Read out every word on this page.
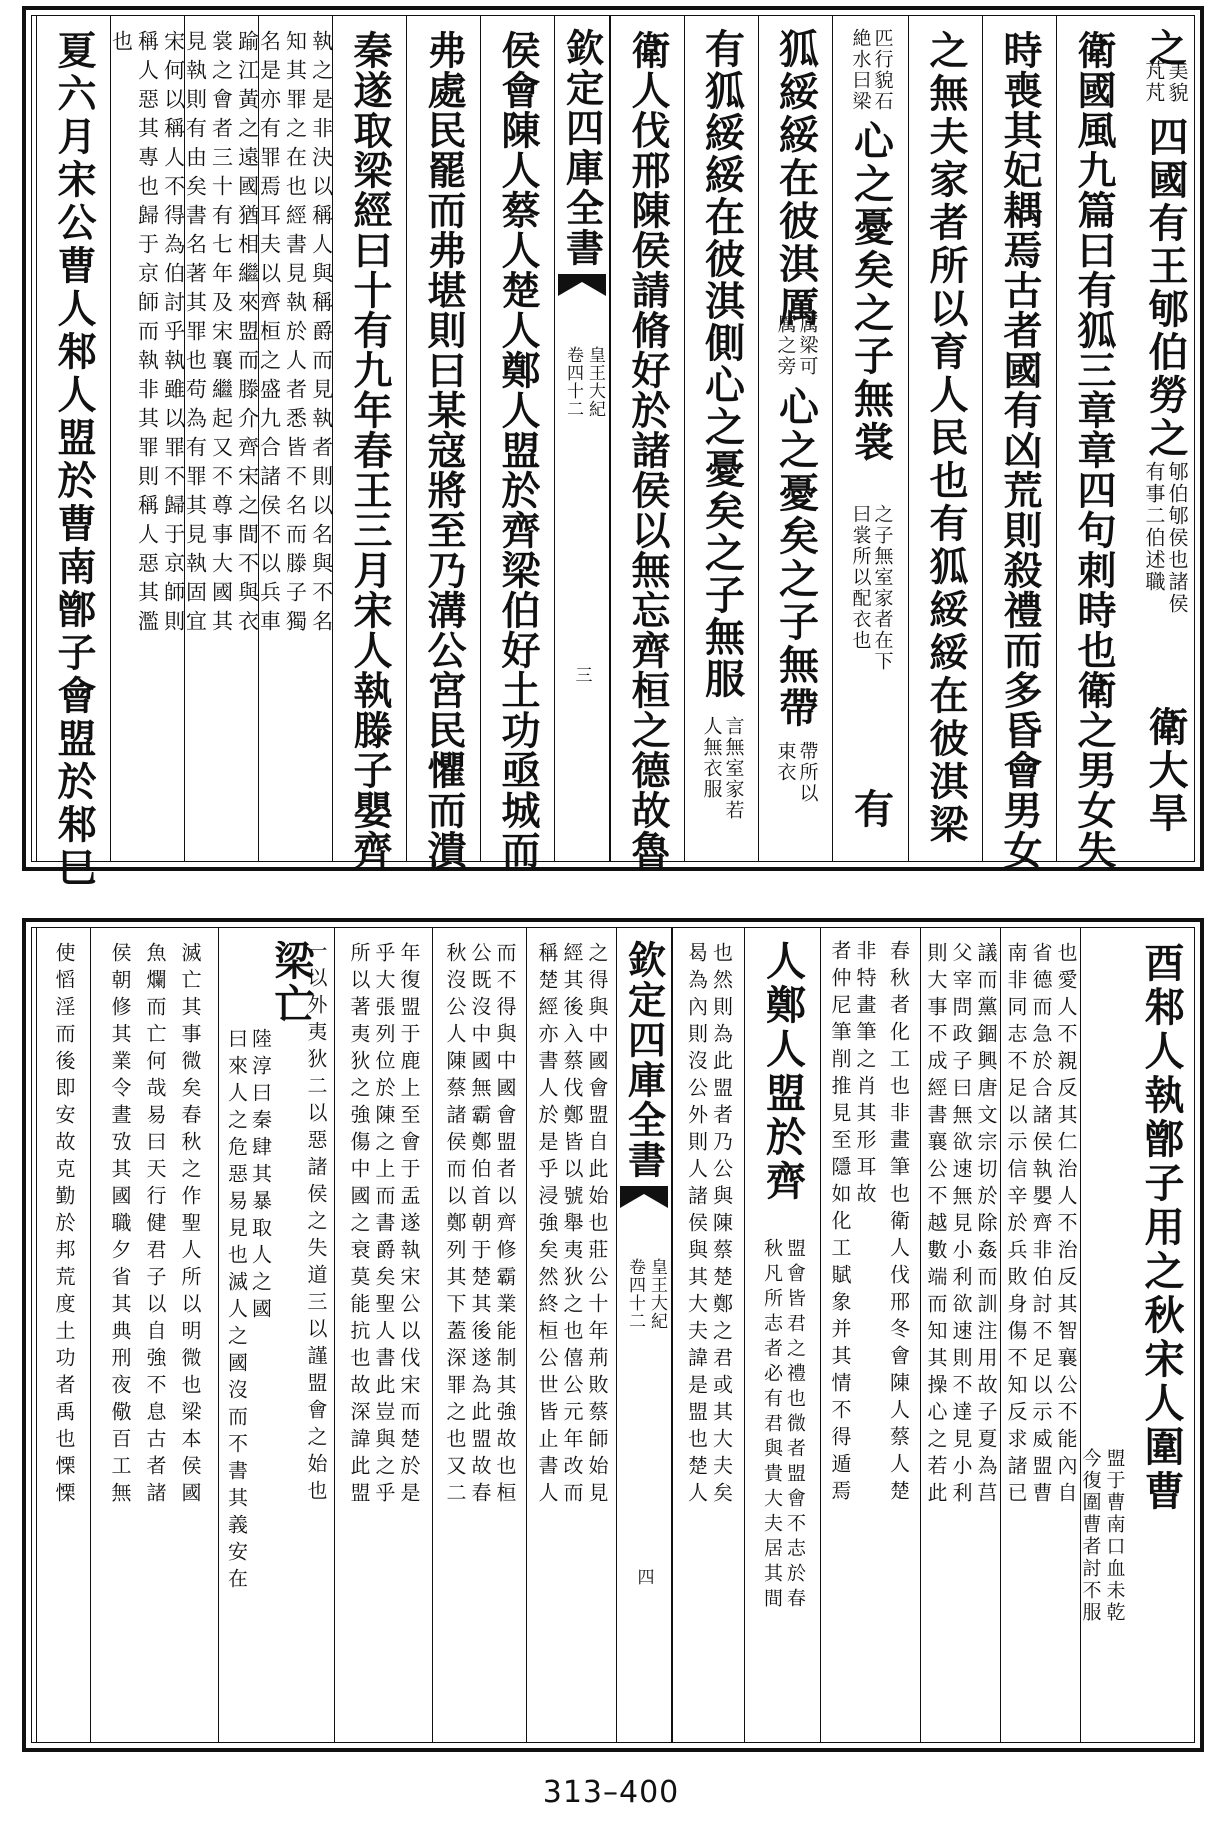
之
美貌
芃芃
四國有王郇伯勞之
郇伯郇侯也諸侯
有事二伯述職
衛大旱
衛國風九篇曰有狐三章章四句刺時也衛之男女失
時喪其妃耦焉古者國有凶荒則殺禮而多昏會男女
之無夫家者所以育人民也有狐綏綏在彼淇梁
匹行貌石
絶水曰梁
心之憂矣之子無裳
之子無室家者在下
曰裳所以配衣也
有
狐綏綏在彼淇厲
厲梁可
厲之旁
心之憂矣之子無帶
帶所以
束衣
有狐綏綏在彼淇側心之憂矣之子無服
言無室家若
人無衣服
衛人伐邢陳侯請脩好於諸侯以無忘齊桓之德故魯
欽定四庫全書
皇王大紀
卷四十二
三
侯會陳人蔡人楚人鄭人盟於齊梁伯好土功亟城而
弗處民罷而弗堪則曰某寇將至乃溝公宮民懼而潰
秦遂取梁經曰十有九年春王三月宋人執滕子嬰齊
執之是非決以稱人與稱爵而見執者則以名與不名
知其罪之在也經書見執於人者悉皆不名而滕子獨
名是亦有罪焉耳夫以齊桓之盛九合諸侯不以兵車
踰江黃之遠國猶相繼來盟而滕介齊宋之間不與衣
裳之會者三十有七年及宋襄繼起又不尊事大國其
見執則有由矣書名著其罪也苟為有罪其見執固宜
宋何以稱人不得為伯討乎執雖以罪不歸于京師則
稱人惡其專也歸于京師而執非其罪則稱人惡其濫
也
夏六月宋公曹人邾人盟於曹南鄫子會盟於邾巳
酉邾人執鄫子用之秋宋人圍曹
盟于曹南口血未乾
今復圍曹者討不服
也愛人不親反其仁治人不治反其智襄公不能內自
省德而急於合諸侯執嬰齊非伯討不足以示威盟曹
南非同志不足以示信辛於兵敗身傷不知反求諸已
議而黨錮興唐文宗切於除姦而訓注用故子夏為莒
父宰問政子曰無欲速無見小利欲速則不達見小利
則大事不成經書襄公不越數端而知其操心之若此
非特畫筆之肖其形耳故
者仲尼筆削推見至隱如化工賦象并其情不得遁焉 春秋者化工也非畫筆也衛人伐邢冬會陳人蔡人楚
人鄭人盟於齊
盟會皆君之禮也微者盟會不志於春
秋凡所志者必有君與貴大夫居其間
也然則為此盟者乃公與陳蔡楚鄭之君或其大夫矣
曷為內則沒公外則人諸侯與其大夫諱是盟也楚人
欽定四庫全書
皇王大紀
卷四十二
四
之得與中國會盟自此始也莊公十年荊敗蔡師始見
經其後入蔡伐鄭皆以號舉夷狄之也僖公元年改而
稱楚經亦書人於是乎浸強矣然終桓公世皆止書人
而不得與中國會盟者以齊修霸業能制其強故也桓
公既沒中國無霸鄭伯首朝于楚其後遂為此盟故春
秋沒公人陳蔡諸侯而以鄭列其下蓋深罪之也又二
年復盟于鹿上至會于盂遂執宋公以伐宋而楚於是
乎大張列位於陳之上而書爵矣聖人書此豈與之乎
所以著夷狄之強傷中國之衰莫能抗也故深諱此盟
一以外夷狄二以惡諸侯之失道三以謹盟會之始也
梁亡
陸淳曰秦肆其暴取人之國
曰來人之危惡易見也滅人之國沒而不書其義安在
滅亡其事微矣春秋之作聖人所以明微也梁本侯國
魚爛而亡何哉易曰天行健君子以自強不息古者諸
侯朝修其業令晝攷其國職夕省其典刑夜儆百工無
使慆淫而後即安故克勤於邦荒度土功者禹也慄慄
313–400
